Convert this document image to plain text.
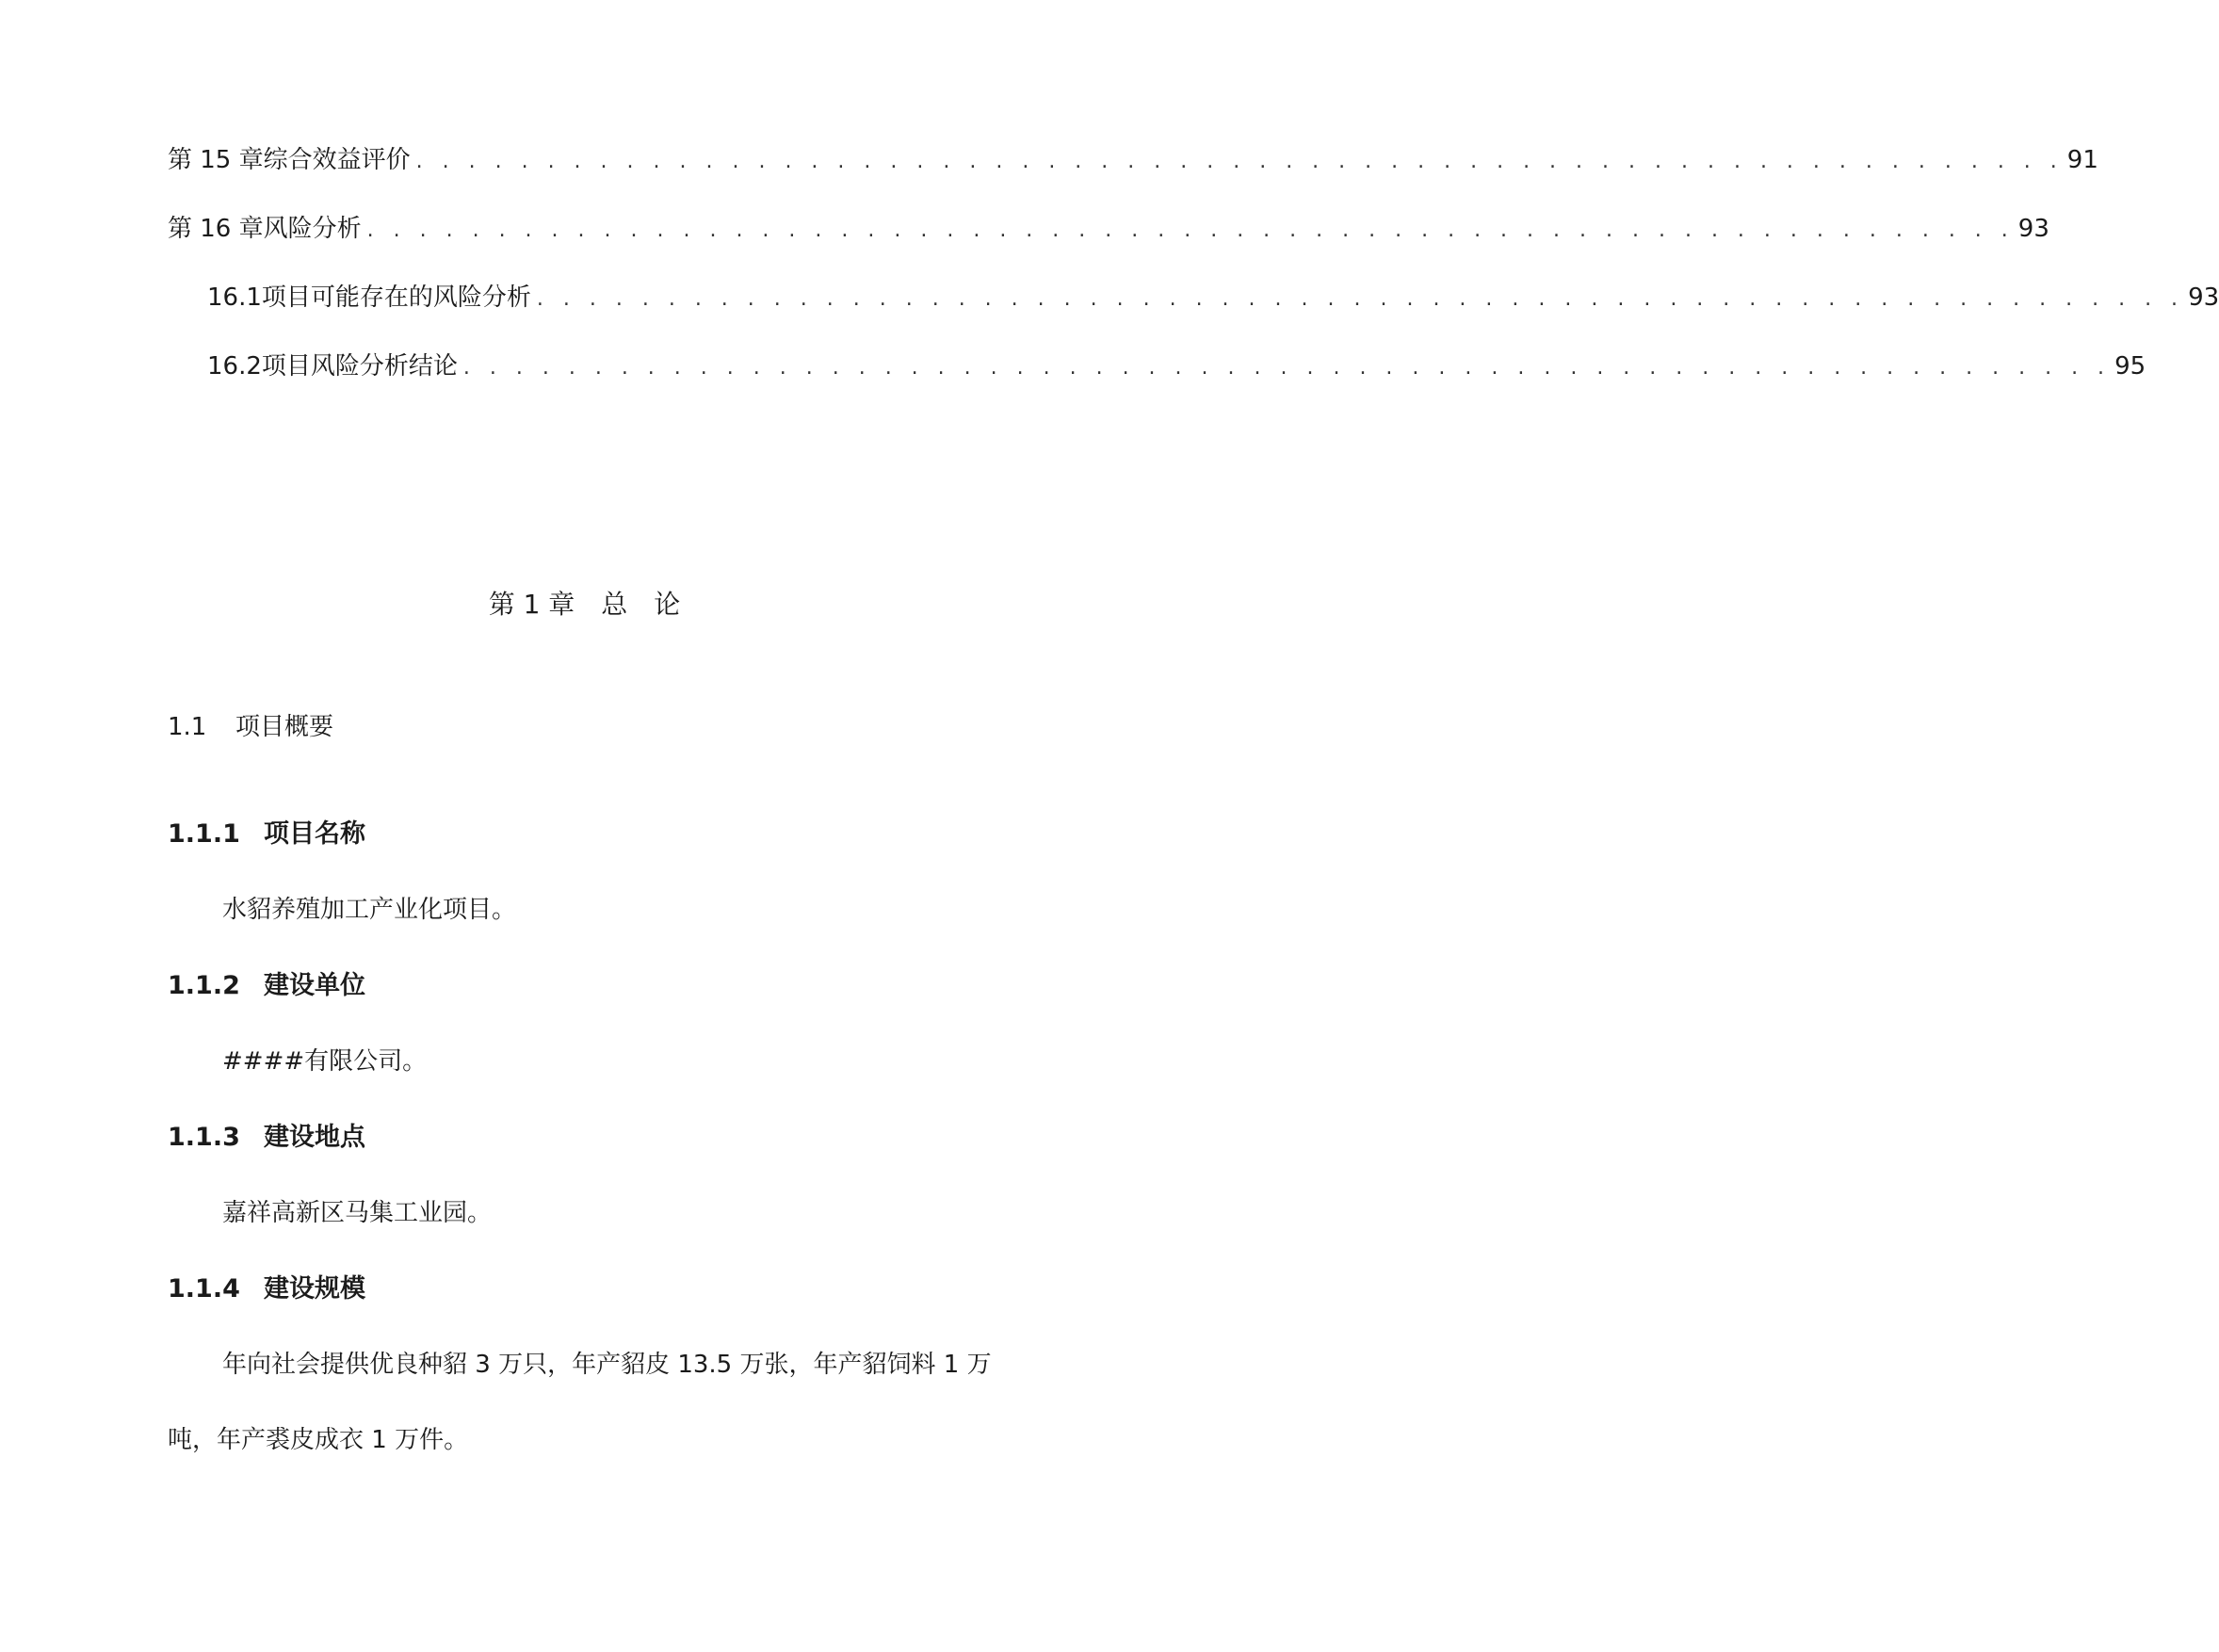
第 15 章 综合效益评价 . . . . . . . . . . . . . . . . . . . . . . . . . . . . . . . . . . . . . . . . . . . . . . . . . . . . . . . . . . . . . . . 91
第 16 章 风险分析 . . . . . . . . . . . . . . . . . . . . . . . . . . . . . . . . . . . . . . . . . . . . . . . . . . . . . . . . . . . . . . . 93
16.1 项目可能存在的风险分析 . . . . . . . . . . . . . . . . . . . . . . . . . . . . . . . . . . . . . . . . . . . . . . . . . . . . . . . . . . . . . . . 93
16.2 项目风险分析结论 . . . . . . . . . . . . . . . . . . . . . . . . . . . . . . . . . . . . . . . . . . . . . . . . . . . . . . . . . . . . . . . 95
第 1 章　总　论
1.1 项目概要
1.1.1 项目名称
水貂养殖加工产业化项目。
1.1.2 建设单位
####有限公司。
1.1.3 建设地点
嘉祥高新区马集工业园。
1.1.4 建设规模
年向社会提供优良种貂 3 万只，年产貂皮 13.5 万张，年产貂饲料 1 万吨，年产裘皮成衣 1 万件。
